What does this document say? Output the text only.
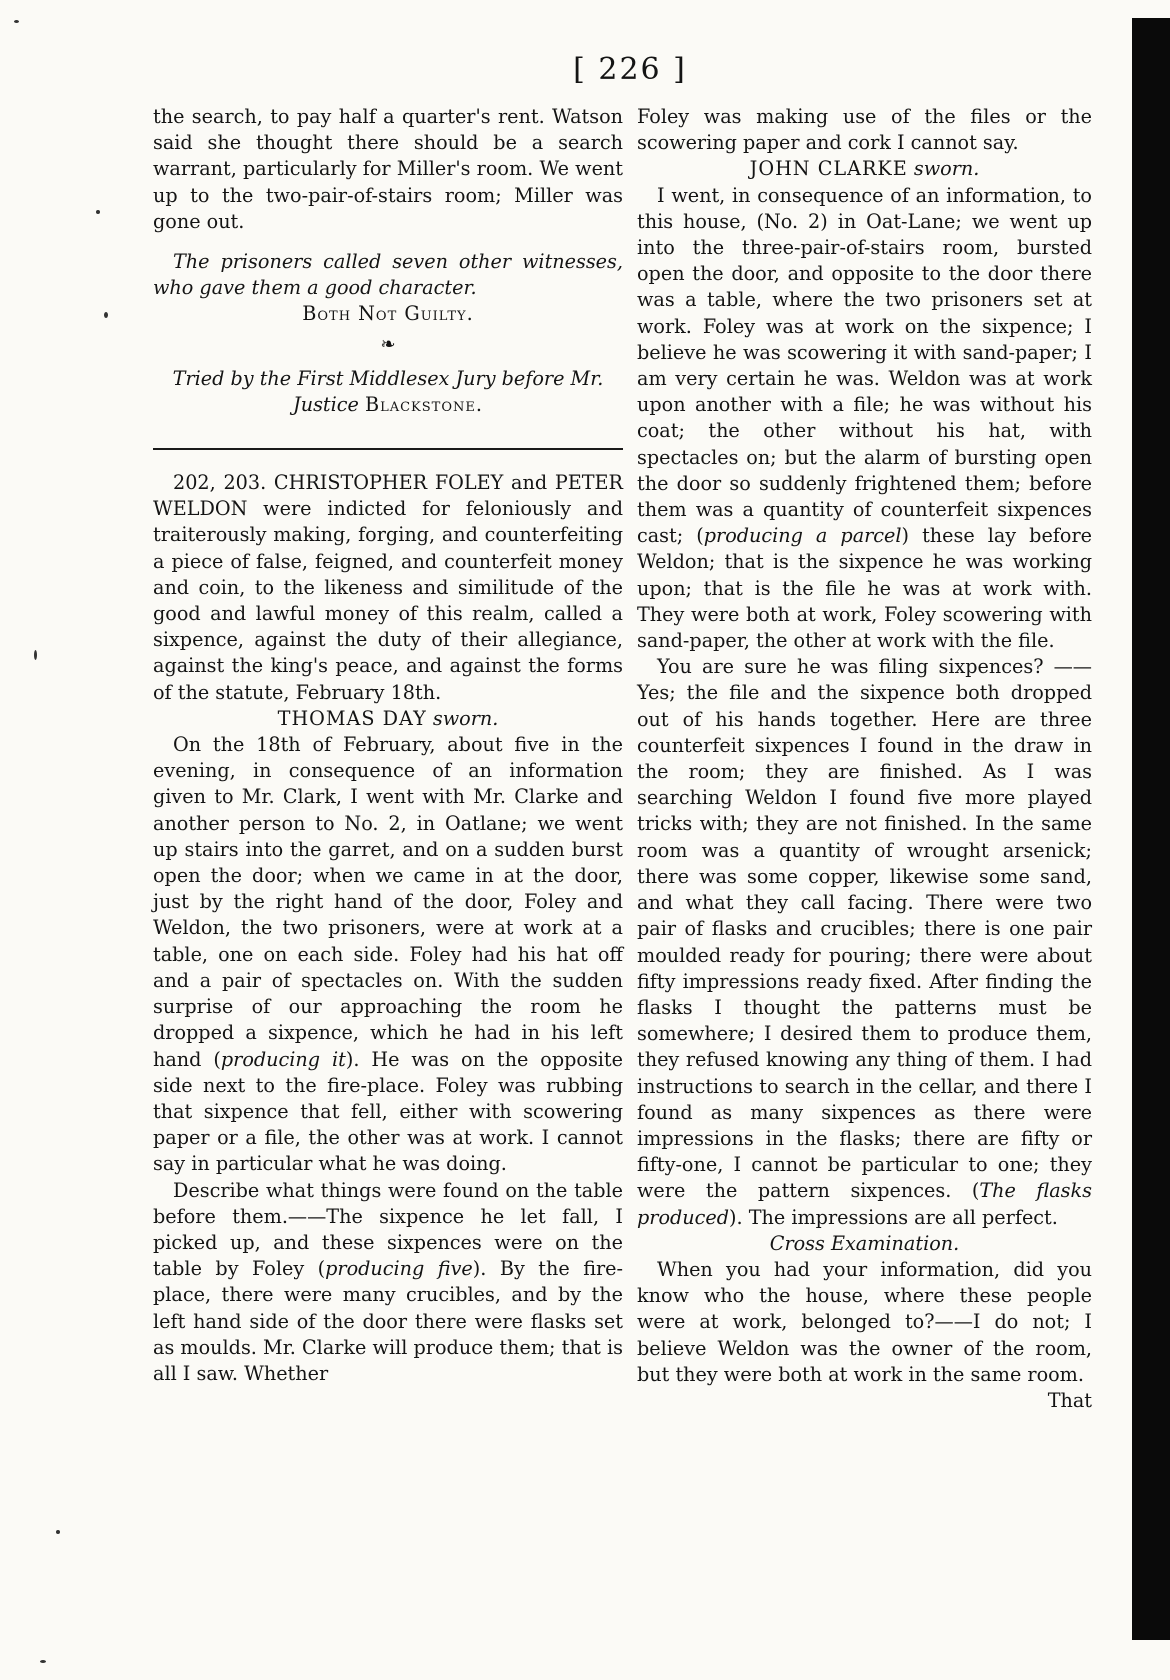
[ 226 ]

the search, to pay half a quarter's rent. Watson said she thought there should be a search warrant, particularly for Miller's room. We went up to the two-pair-of-stairs room; Miller was gone out.

The prisoners called seven other witnesses, who gave them a good character.

Both Not Guilty.

❧

Tried by the First Middlesex Jury before Mr. Justice Blackstone.

202, 203. CHRISTOPHER FOLEY and PETER WELDON were indicted for feloniously and traiterously making, forging, and counterfeiting a piece of false, feigned, and counterfeit money and coin, to the likeness and similitude of the good and lawful money of this realm, called a sixpence, against the duty of their allegiance, against the king's peace, and against the forms of the statute, February 18th.

THOMAS DAY sworn.

On the 18th of February, about five in the evening, in consequence of an information given to Mr. Clark, I went with Mr. Clarke and another person to No. 2, in Oatlane; we went up stairs into the garret, and on a sudden burst open the door; when we came in at the door, just by the right hand of the door, Foley and Weldon, the two prisoners, were at work at a table, one on each side. Foley had his hat off and a pair of spectacles on. With the sudden surprise of our approaching the room he dropped a sixpence, which he had in his left hand (producing it). He was on the opposite side next to the fire-place. Foley was rubbing that sixpence that fell, either with scowering paper or a file, the other was at work. I cannot say in particular what he was doing.

Describe what things were found on the table before them.——The sixpence he let fall, I picked up, and these sixpences were on the table by Foley (producing five). By the fire-place, there were many crucibles, and by the left hand side of the door there were flasks set as moulds. Mr. Clarke will produce them; that is all I saw. Whether

Foley was making use of the files or the scowering paper and cork I cannot say.

JOHN CLARKE sworn.

I went, in consequence of an information, to this house, (No. 2) in Oat-Lane; we went up into the three-pair-of-stairs room, bursted open the door, and opposite to the door there was a table, where the two prisoners set at work. Foley was at work on the sixpence; I believe he was scowering it with sand-paper; I am very certain he was. Weldon was at work upon another with a file; he was without his coat; the other without his hat, with spectacles on; but the alarm of bursting open the door so suddenly frightened them; before them was a quantity of counterfeit sixpences cast; (producing a parcel) these lay before Weldon; that is the sixpence he was working upon; that is the file he was at work with. They were both at work, Foley scowering with sand-paper, the other at work with the file.

You are sure he was filing sixpences? ——Yes; the file and the sixpence both dropped out of his hands together. Here are three counterfeit sixpences I found in the draw in the room; they are finished. As I was searching Weldon I found five more played tricks with; they are not finished. In the same room was a quantity of wrought arsenick; there was some copper, likewise some sand, and what they call facing. There were two pair of flasks and crucibles; there is one pair moulded ready for pouring; there were about fifty impressions ready fixed. After finding the flasks I thought the patterns must be somewhere; I desired them to produce them, they refused knowing any thing of them. I had instructions to search in the cellar, and there I found as many sixpences as there were impressions in the flasks; there are fifty or fifty-one, I cannot be particular to one; they were the pattern sixpences. (The flasks produced). The impressions are all perfect.

Cross Examination.

When you had your information, did you know who the house, where these people were at work, belonged to?——I do not; I believe Weldon was the owner of the room, but they were both at work in the same room.

That
